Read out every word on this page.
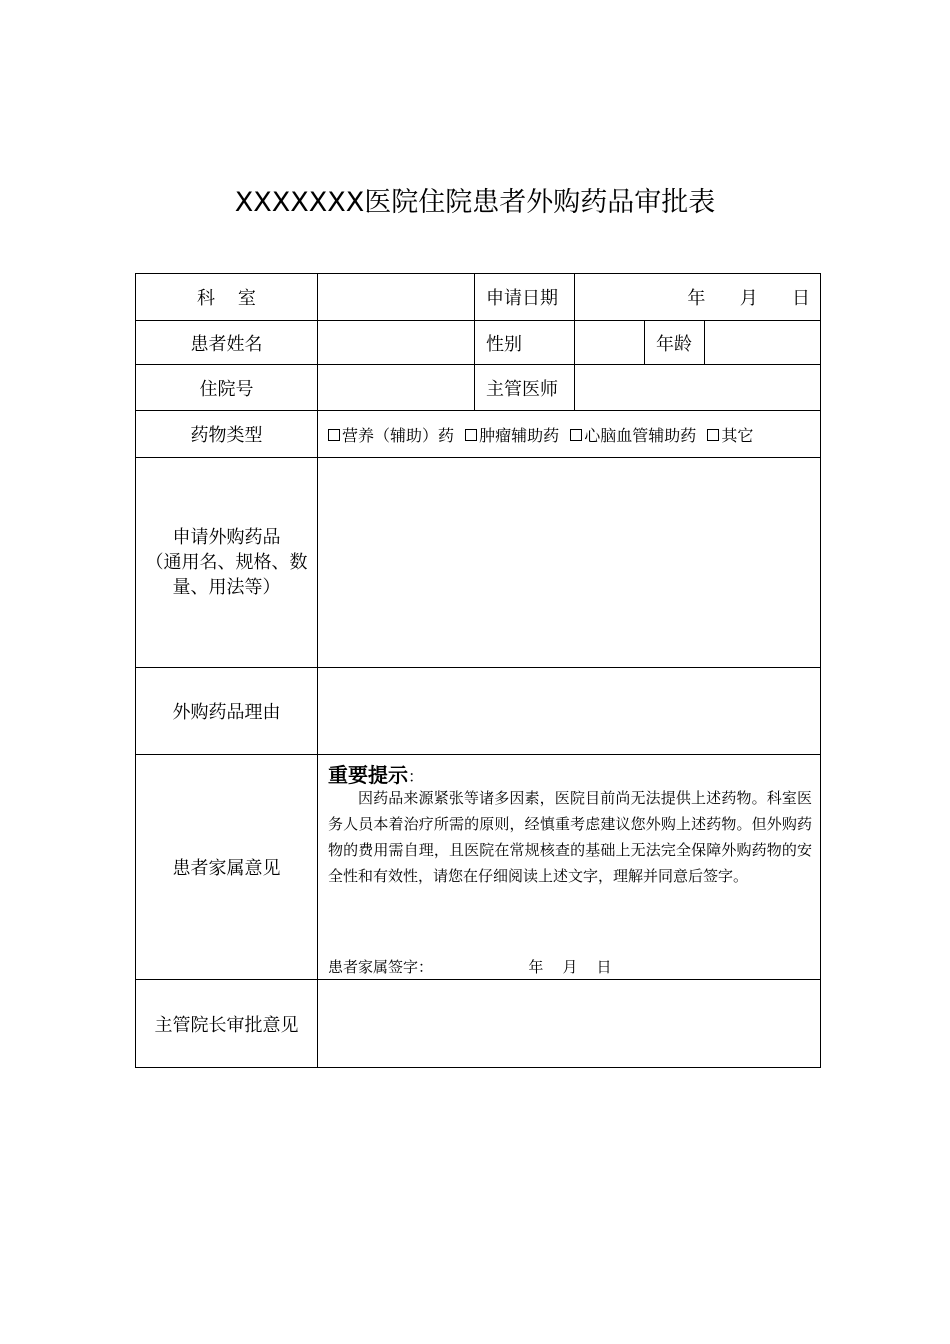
XXXXXXX医院住院患者外购药品审批表
科    室		申请日期	年      月      日		
患者姓名		性别		年龄	
住院号		主管医师			
药物类型	营养（辅助）药 肿瘤辅助药 心脑血管辅助药 其它				

申请外购药品
（通用名、规格、数
量、用法等）					

外购药品理由					
患者家属意见	重要提示：
因药品来源紧张等诸多因素，医院目前尚无法提供上述药物。科室医务人员本着治疗所需的原则，经慎重考虑建议您外购上述药物。但外购药物的费用需自理，且医院在常规核查的基础上无法完全保障外购药物的安全性和有效性，请您在仔细阅读上述文字，理解并同意后签字。
患者家属签字： 年    月    日				

主管院长审批意见					
